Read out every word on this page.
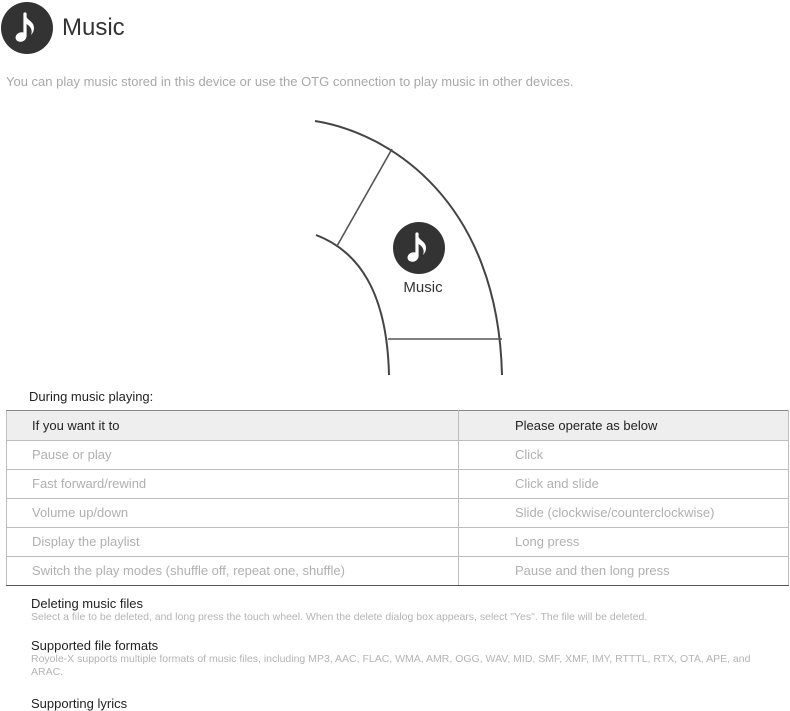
Music
You can play music stored in this device or use the OTG connection to play music in other devices.
Music
During music playing:
If you want it to	Please operate as below
Pause or play	Click
Fast forward/rewind	Click and slide
Volume up/down	Slide (clockwise/counterclockwise)
Display the playlist	Long press
Switch the play modes (shuffle off, repeat one, shuffle)	Pause and then long press
Deleting music files

Select a file to be deleted, and long press the touch wheel. When the delete dialog box appears, select "Yes". The file will be deleted.

Supported file formats

Royole-X supports multiple formats of music files, including MP3, AAC, FLAC, WMA, AMR, OGG, WAV, MID, SMF, XMF, IMY, RTTTL, RTX, OTA, APE, and ARAC.

Supporting lyrics
